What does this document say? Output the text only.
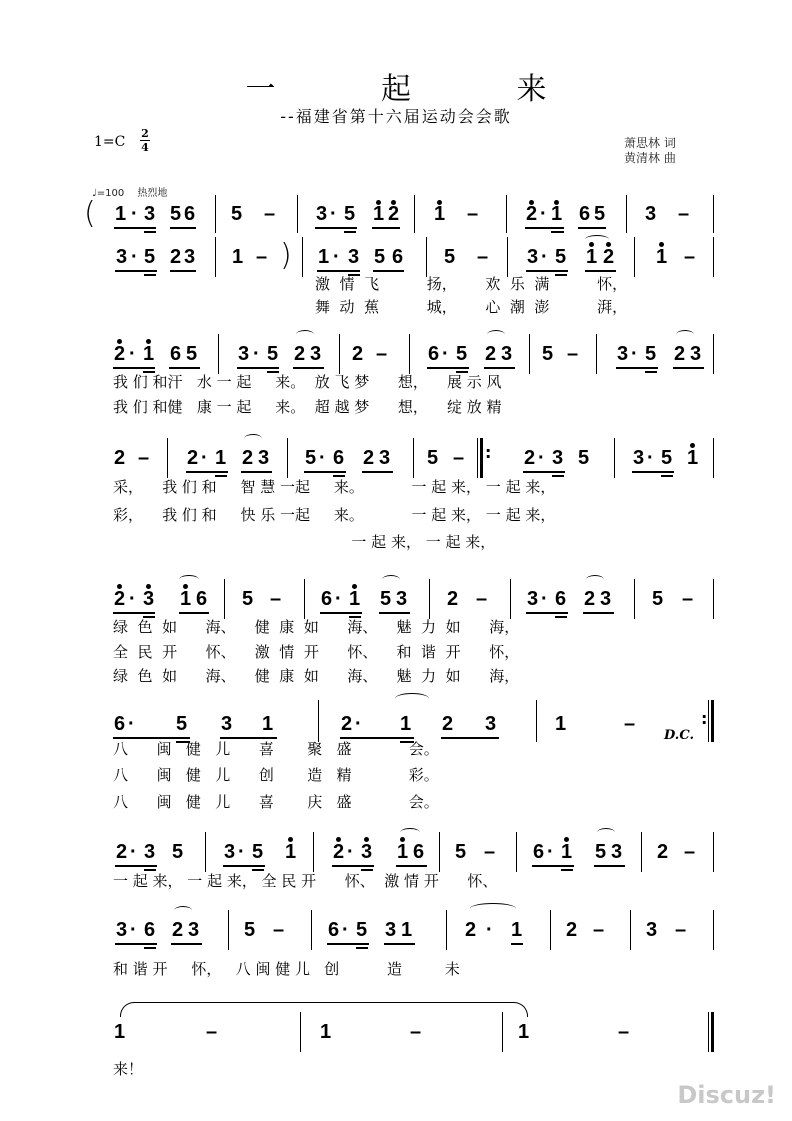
一 起 来
--福建省第十六届运动会会歌
1=C
2
4	萧思林 词
黄清林 曲
♩=100 热烈地
( 1 · 3 5 6 5 – 3 · 5 1 2 1 – 2 · 1 6 5 3 –
3 · 5 2 3 1 – ) 1 · 3 5 6 5 – 3 · 5 1 2 1 –
激  情  飞          扬，      欢  乐  满          怀，
舞  动  蕉          城，      心  潮  澎          湃，
2 · 1 6 5 3 · 5 2 3 2 – 6 · 5 2 3 5 – 3 · 5 2 3
我 们 和汗   水 一 起     来。  放 飞 梦      想，    展 示 风
我 们 和健   康 一 起     来。  超 越 梦      想，    绽 放 精
2 – 2 · 1 2 3 5 · 6 2 3 5 – : 2 · 3 5 3 · 5 1
采，    我 们 和     智 慧 一起     来。          一 起 来， 一 起 来，
彩，    我 们 和     快 乐 一起     来。          一 起 来， 一 起 来，
一 起 来， 一 起 来，
2 · 3 1 6 5 – 6 · 1 5 3 2 – 3 · 6 2 3 5 –
绿  色  如      海、    健  康  如      海、    魅  力  如      海，
全  民  开      怀、    激  情  开      怀、    和  谐  开      怀，
绿  色  如      海、    健  康  如      海、    魅  力  如      海，
6 · 5 3 1	2 · 1 2 3	1	–
D.C.
:
八      闽   健   儿      喜       聚   盛            会。
八      闽   健   儿      创       造   精            彩。
八      闽   健   儿      喜       庆   盛            会。
2 · 3 5 3 · 5 1 2 · 3 1 6 5 – 6 · 1 5 3 2 –
一 起 来， 一 起 来， 全 民 开      怀、  激 情 开      怀、
3 · 6 2 3 5 – 6 · 5 3 1	2 · 1 2 – 3 –
和 谐 开     怀，   八 闽 健 儿   创          造         未
1	–	1	–	1	–
来！
Discuz!
